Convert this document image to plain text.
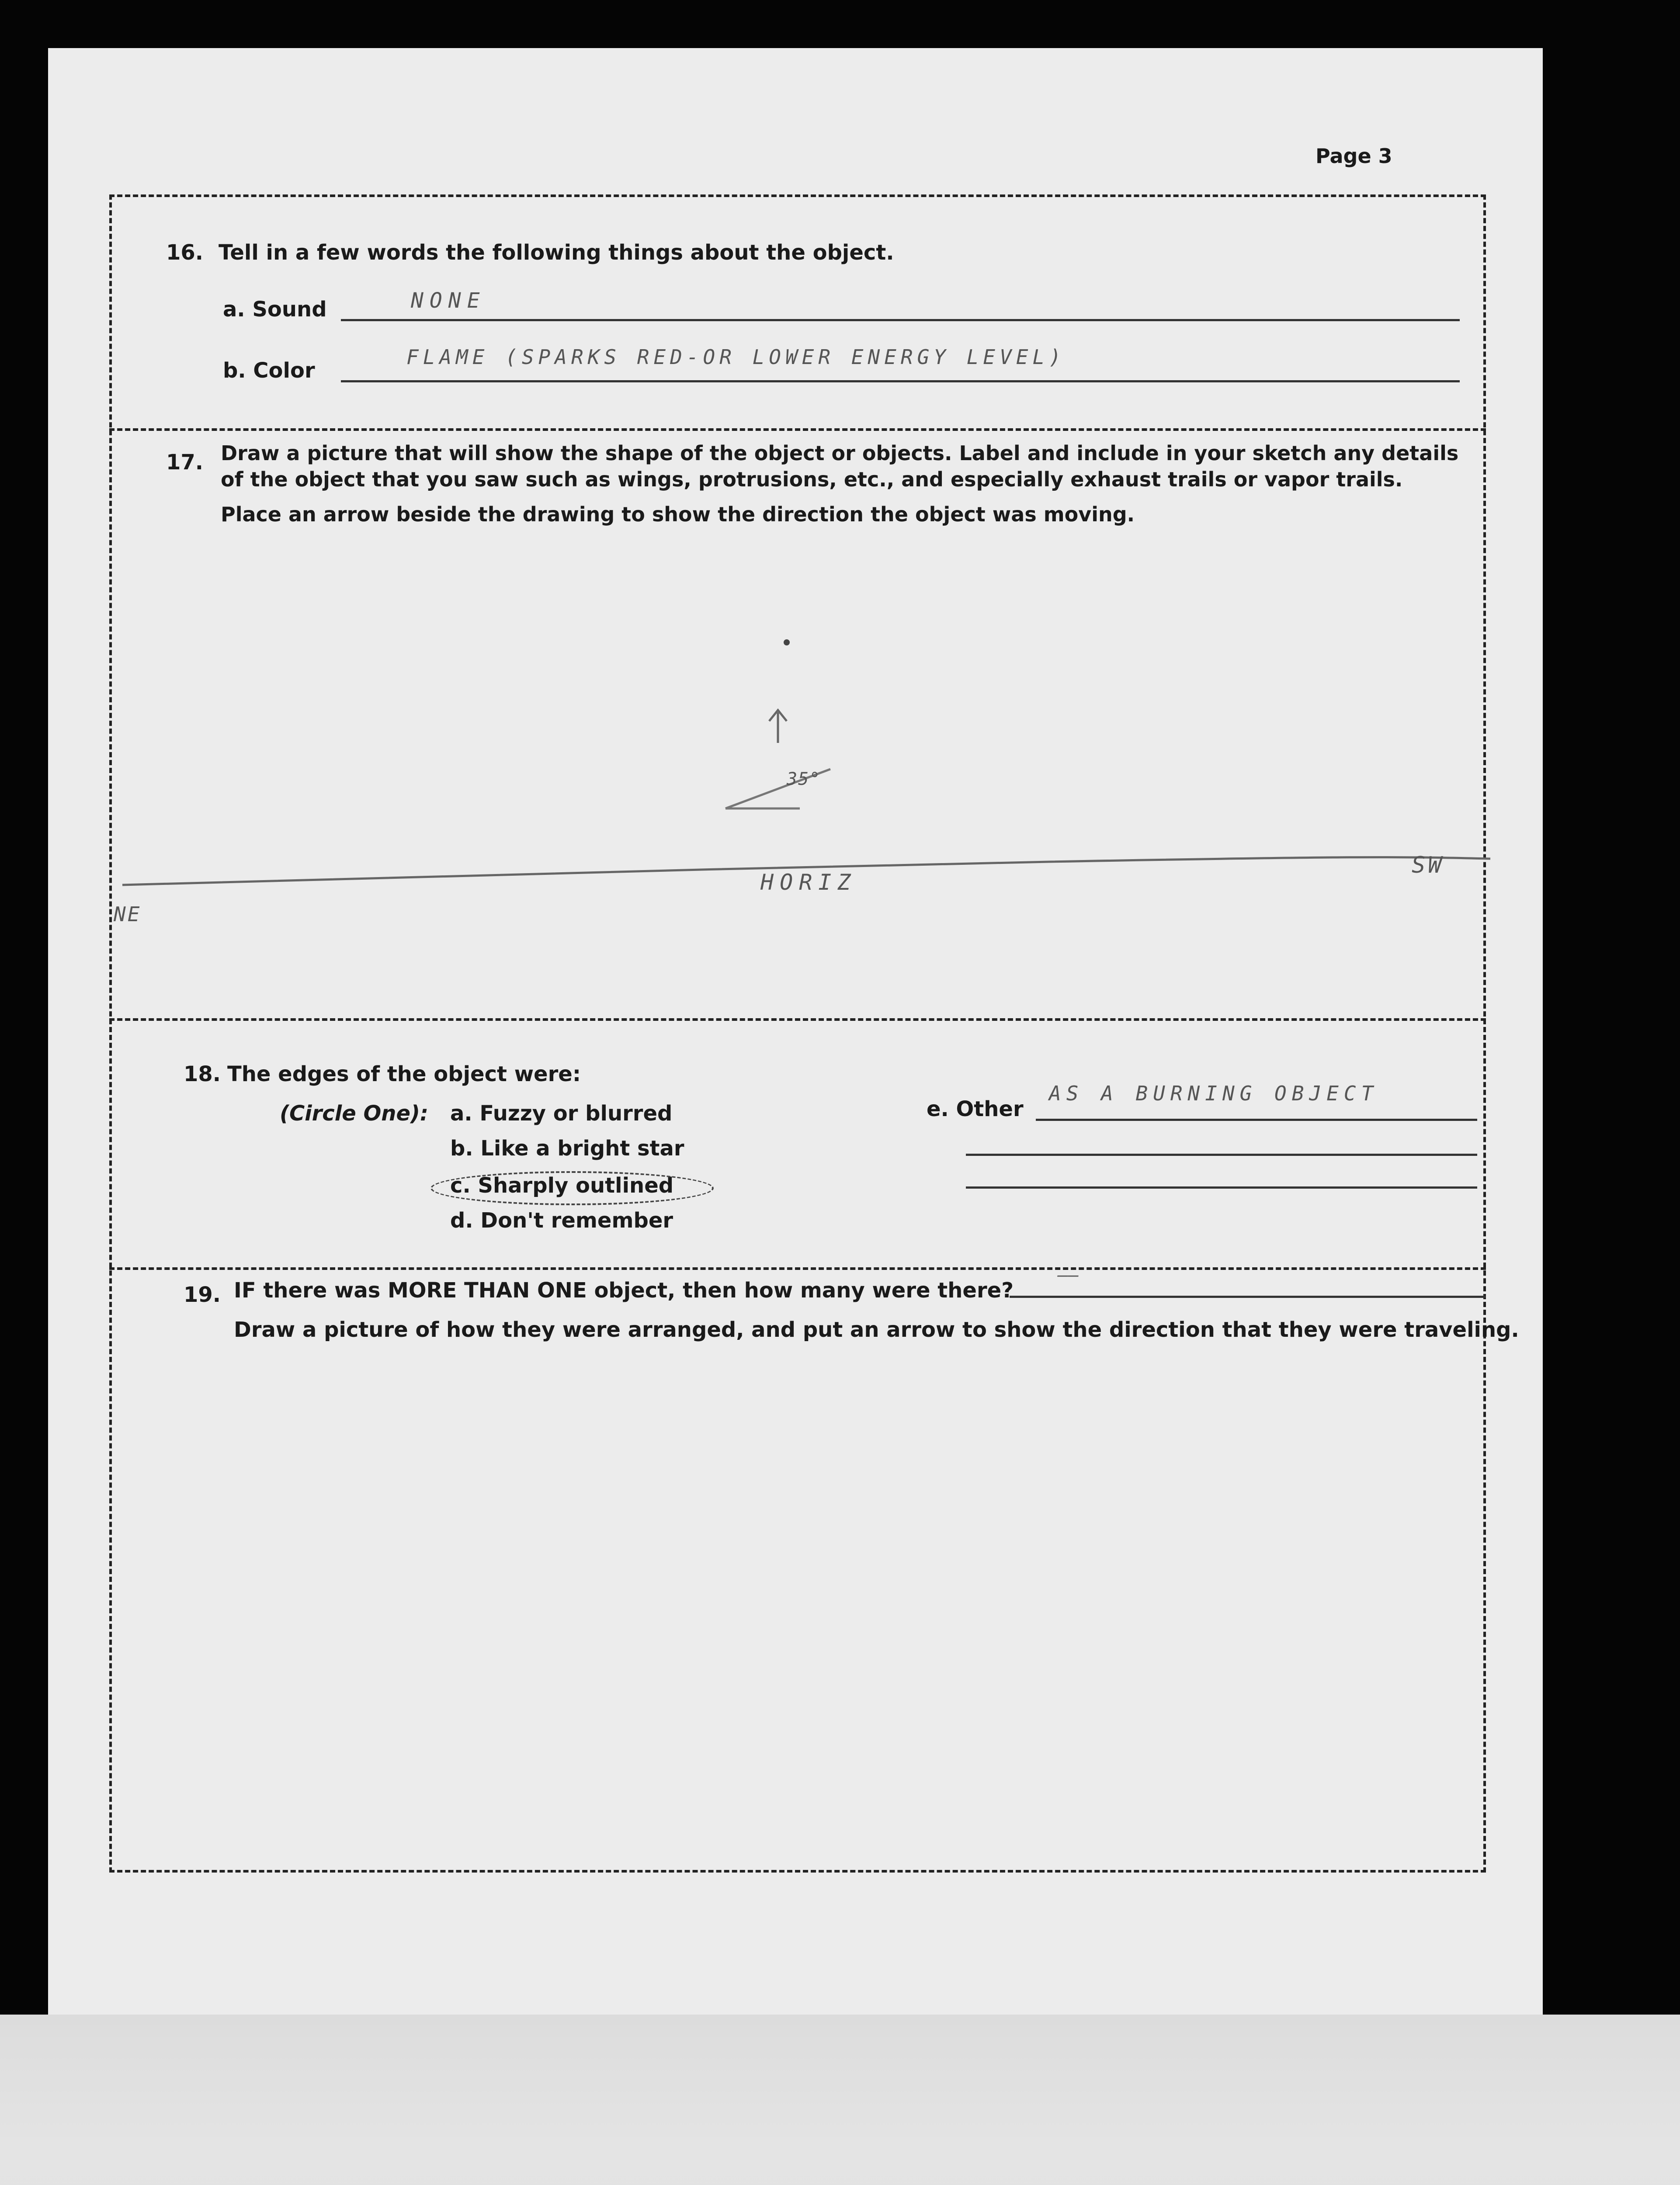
Page 3
16. Tell in a few words the following things about the object.
a. Sound	NONE
b. Color
FLAME (SPARKS RED-OR LOWER ENERGY LEVEL)
17. Draw a picture that will show the shape of the object or objects. Label and include in your sketch any details
of the object that you saw such as wings, protrusions, etc., and especially exhaust trails or vapor trails.
Place an arrow beside the drawing to show the direction the object was moving.
35°
HORIZ
NE
SW
18. The edges of the object were:
(Circle One): a. Fuzzy or blurred
b. Like a bright star
c. Sharply outlined
d. Don't remember
e. Other
AS A BURNING OBJECT
19. IF there was MORE THAN ONE object, then how many were there?
——
Draw a picture of how they were arranged, and put an arrow to show the direction that they were traveling.
